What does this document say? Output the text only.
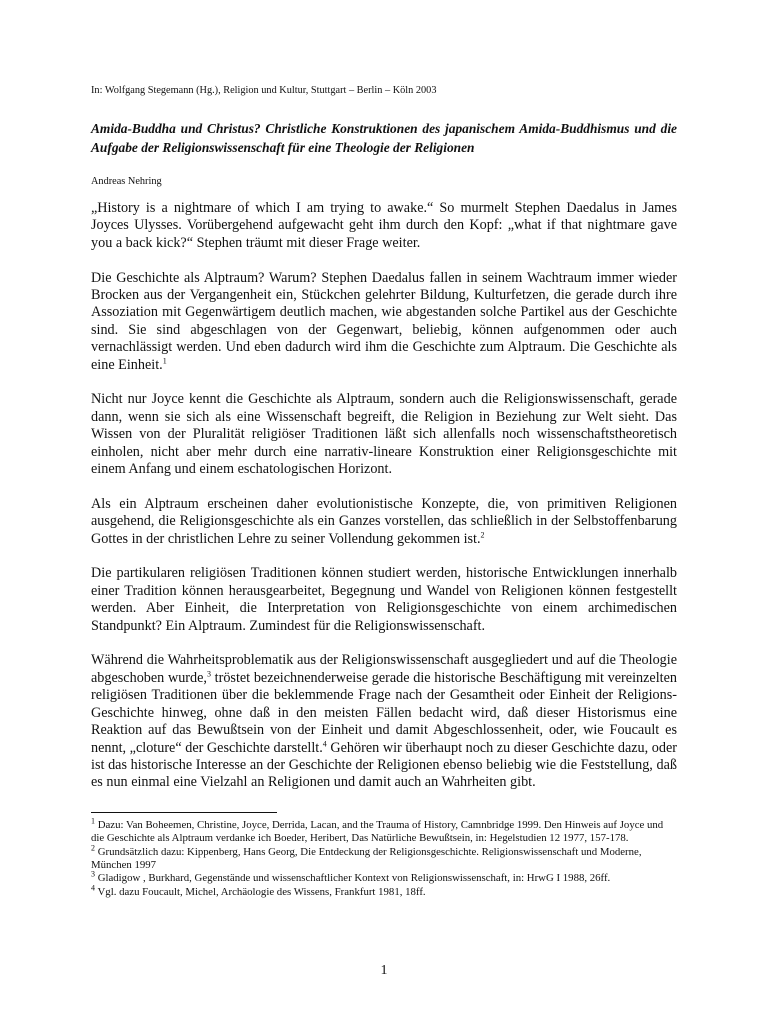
In: Wolfgang Stegemann (Hg.), Religion und Kultur, Stuttgart – Berlin – Köln 2003

Amida-Buddha und Christus? Christliche Konstruktionen des japanischem Amida-Buddhismus und die Aufgabe der Religionswissenschaft für eine Theologie der Religionen

Andreas Nehring

„History is a nightmare of which I am trying to awake.“ So murmelt Stephen Daedalus in James Joyces Ulysses. Vorübergehend aufgewacht geht ihm durch den Kopf: „what if that nightmare gave you a back kick?“ Stephen träumt mit dieser Frage weiter.

Die Geschichte als Alptraum? Warum? Stephen Daedalus fallen in seinem Wachtraum immer wieder Brocken aus der Vergangenheit ein, Stückchen gelehrter Bildung, Kulturfetzen, die gerade durch ihre Assoziation mit Gegenwärtigem deutlich machen, wie abgestanden solche Partikel aus der Geschichte sind. Sie sind abgeschlagen von der Gegenwart, beliebig, können aufgenommen oder auch vernachlässigt werden. Und eben dadurch wird ihm die Geschichte zum Alptraum. Die Geschichte als eine Einheit.$^1$

Nicht nur Joyce kennt die Geschichte als Alptraum, sondern auch die Religionswissenschaft, gerade dann, wenn sie sich als eine Wissenschaft begreift, die Religion in Beziehung zur Welt sieht. Das Wissen von der Pluralität religiöser Traditionen läßt sich allenfalls noch wissenschaftstheoretisch einholen, nicht aber mehr durch eine narrativ-lineare Konstruktion einer Religionsgeschichte mit einem Anfang und einem eschatologischen Horizont.

Als ein Alptraum erscheinen daher evolutionistische Konzepte, die, von primitiven Religionen ausgehend, die Religionsgeschichte als ein Ganzes vorstellen, das schließlich in der Selbstoffenbarung Gottes in der christlichen Lehre zu seiner Vollendung gekommen ist.$^2$

Die partikularen religiösen Traditionen können studiert werden, historische Entwicklungen innerhalb einer Tradition können herausgearbeitet, Begegnung und Wandel von Religionen können festgestellt werden. Aber Einheit, die Interpretation von Religionsgeschichte von einem archimedischen Standpunkt? Ein Alptraum. Zumindest für die Religionswissenschaft.

Während die Wahrheitsproblematik aus der Religionswissenschaft ausgegliedert und auf die Theologie abgeschoben wurde,$^3$ tröstet bezeichnenderweise gerade die historische Beschäftigung mit vereinzelten religiösen Traditionen über die beklemmende Frage nach der Gesamtheit oder Einheit der Religions-Geschichte hinweg, ohne daß in den meisten Fällen bedacht wird, daß dieser Historismus eine Reaktion auf das Bewußtsein von der Einheit und damit Abgeschlossenheit, oder, wie Foucault es nennt, „cloture“ der Geschichte darstellt.$^4$ Gehören wir überhaupt noch zu dieser Geschichte dazu, oder ist das historische Interesse an der Geschichte der Religionen ebenso beliebig wie die Feststellung, daß es nun einmal eine Vielzahl an Religionen und damit auch an Wahrheiten gibt.

$^1$ Dazu: Van Boheemen, Christine, Joyce, Derrida, Lacan, and the Trauma of History, Camnbridge 1999. Den Hinweis auf Joyce und die Geschichte als Alptraum verdanke ich Boeder, Heribert, Das Natürliche Bewußtsein, in: Hegelstudien 12 1977, 157-178.

$^2$ Grundsätzlich dazu: Kippenberg, Hans Georg, Die Entdeckung der Religionsgeschichte. Religionswissenschaft und Moderne, München 1997

$^3$ Gladigow , Burkhard, Gegenstände und wissenschaftlicher Kontext von Religionswissenschaft, in: HrwG I 1988, 26ff.

$^4$ Vgl. dazu Foucault, Michel, Archäologie des Wissens, Frankfurt 1981, 18ff.

1
